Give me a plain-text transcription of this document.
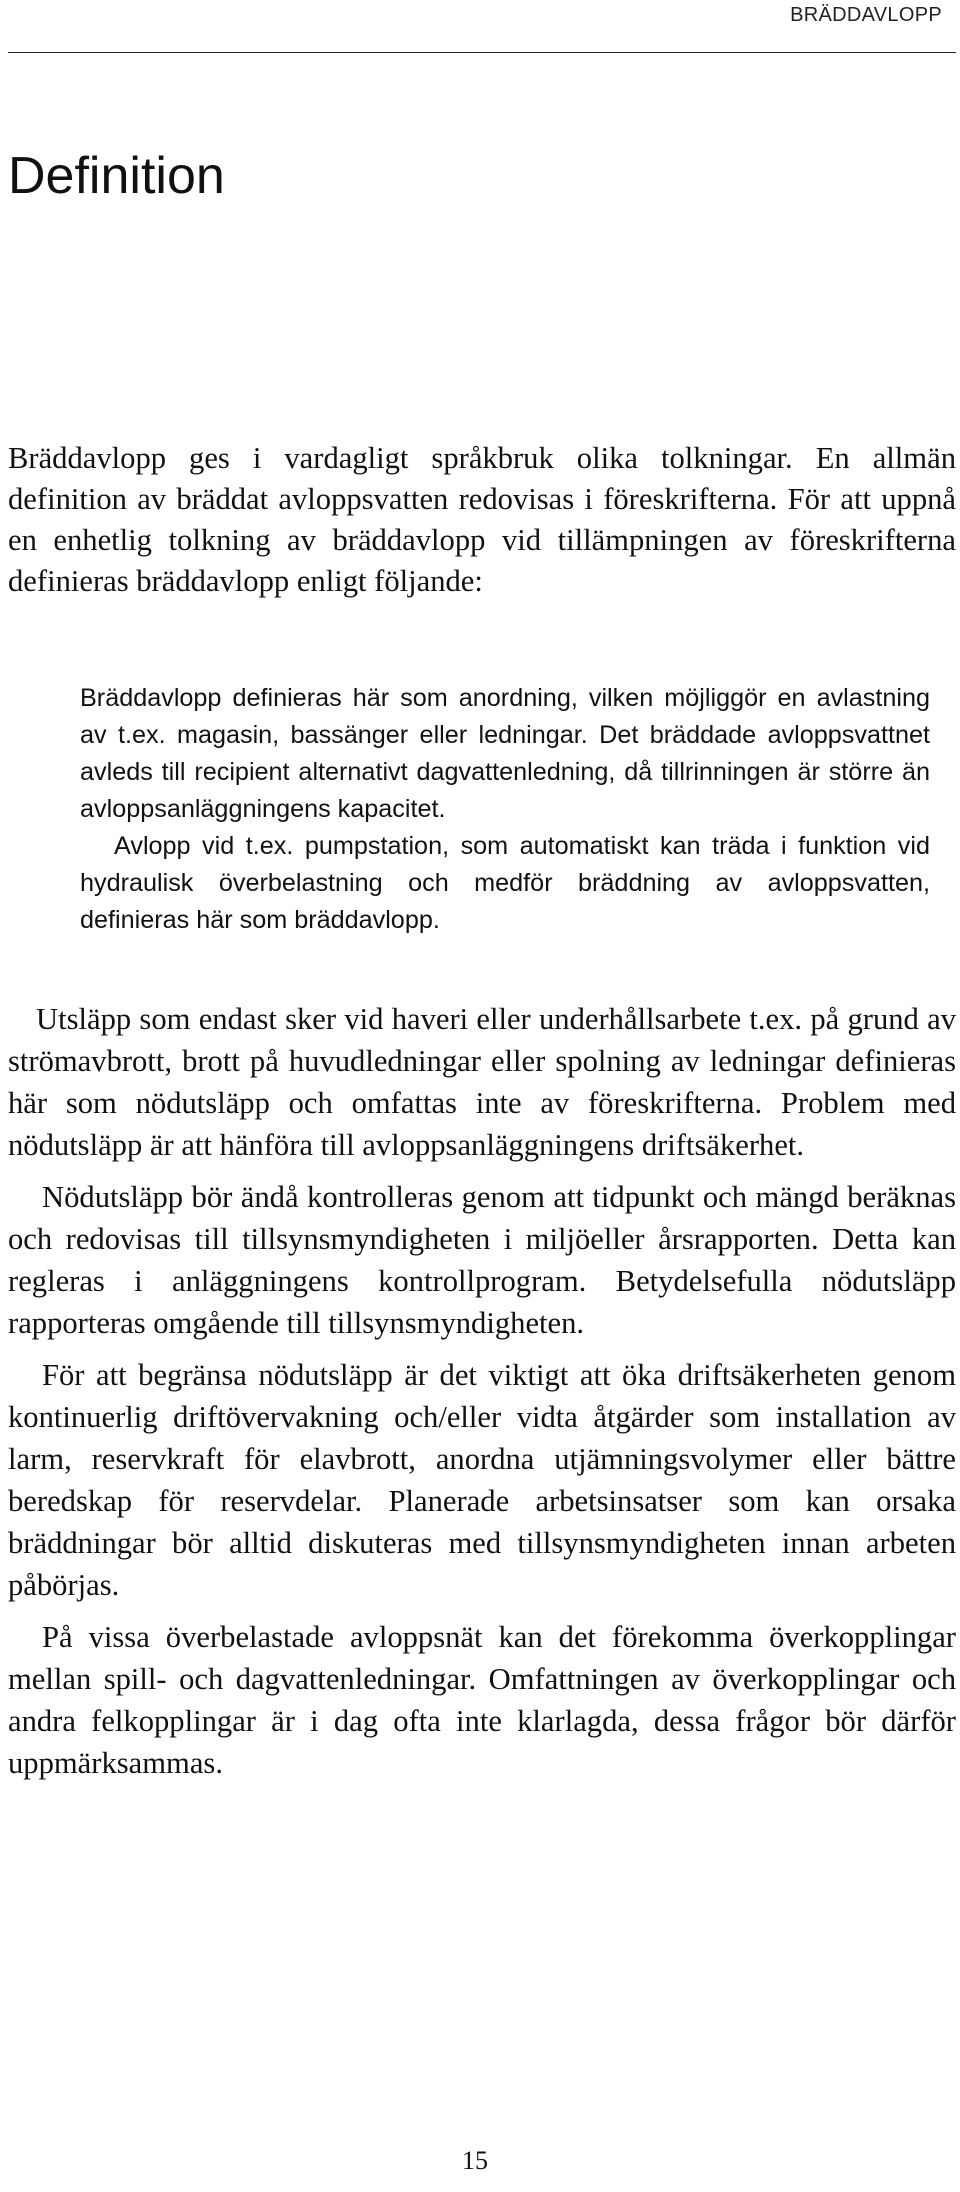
BRÄDDAVLOPP
Definition

Bräddavlopp ges i vardagligt språkbruk olika tolkningar. En allmän definition av bräddat avloppsvatten redovisas i föreskrifterna. För att uppnå en enhetlig tolkning av bräddavlopp vid tillämpningen av föreskrifterna definieras bräddavlopp enligt följande:

Bräddavlopp definieras här som anordning, vilken möjliggör en avlastning av t.ex. magasin, bassänger eller ledningar. Det bräddade avloppsvattnet avleds till recipient alternativt dagvattenledning, då tillrinningen är större än avloppsanläggningens kapacitet.

Avlopp vid t.ex. pumpstation, som automatiskt kan träda i funktion vid hydraulisk överbelastning och medför bräddning av avloppsvatten, definieras här som bräddavlopp.

Utsläpp som endast sker vid haveri eller underhållsarbete t.ex. på grund av strömavbrott, brott på huvudledningar eller spolning av ledningar definieras här som nödutsläpp och omfattas inte av föreskrifterna. Problem med nödutsläpp är att hänföra till avloppsanläggningens driftsäkerhet.

Nödutsläpp bör ändå kontrolleras genom att tidpunkt och mängd beräknas och redovisas till tillsynsmyndigheten i miljöeller årsrapporten. Detta kan regleras i anläggningens kontrollprogram. Betydelsefulla nödutsläpp rapporteras omgående till tillsynsmyndigheten.

För att begränsa nödutsläpp är det viktigt att öka driftsäkerheten genom kontinuerlig driftövervakning och/eller vidta åtgärder som installation av larm, reservkraft för elavbrott, anordna utjämningsvolymer eller bättre beredskap för reservdelar. Planerade arbetsinsatser som kan orsaka bräddningar bör alltid diskuteras med tillsynsmyndigheten innan arbeten påbörjas.

På vissa överbelastade avloppsnät kan det förekomma överkopplingar mellan spill- och dagvattenledningar. Omfattningen av överkopplingar och andra felkopplingar är i dag ofta inte klarlagda, dessa frågor bör därför uppmärksammas.

15
